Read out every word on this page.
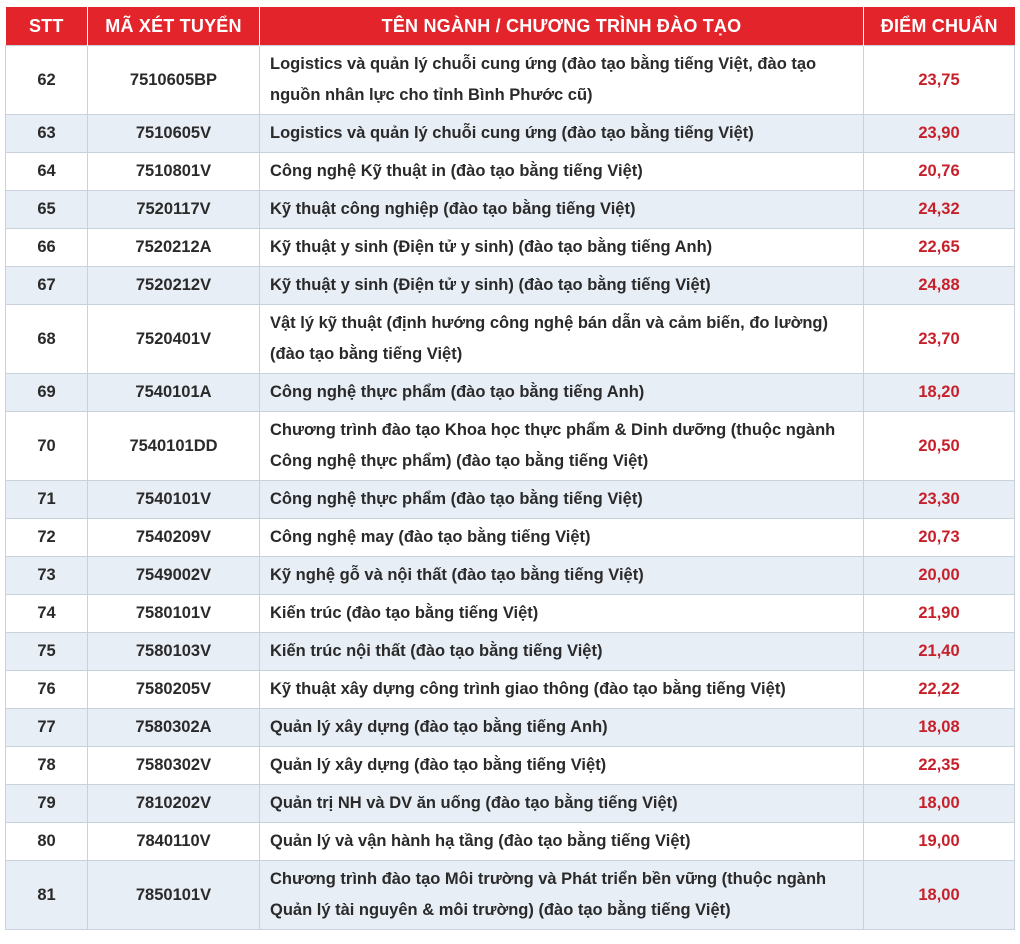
STT	MÃ XÉT TUYỂN	TÊN NGÀNH / CHƯƠNG TRÌNH ĐÀO TẠO	ĐIỂM CHUẨN
62	7510605BP	Logistics và quản lý chuỗi cung ứng (đào tạo bằng tiếng Việt, đào tạo nguồn nhân lực cho tỉnh Bình Phước cũ)	23,75
63	7510605V	Logistics và quản lý chuỗi cung ứng (đào tạo bằng tiếng Việt)	23,90
64	7510801V	Công nghệ Kỹ thuật in (đào tạo bằng tiếng Việt)	20,76
65	7520117V	Kỹ thuật công nghiệp (đào tạo bằng tiếng Việt)	24,32
66	7520212A	Kỹ thuật y sinh (Điện tử y sinh) (đào tạo bằng tiếng Anh)	22,65
67	7520212V	Kỹ thuật y sinh (Điện tử y sinh) (đào tạo bằng tiếng Việt)	24,88
68	7520401V	Vật lý kỹ thuật (định hướng công nghệ bán dẫn và cảm biến, đo lường) (đào tạo bằng tiếng Việt)	23,70
69	7540101A	Công nghệ thực phẩm (đào tạo bằng tiếng Anh)	18,20
70	7540101DD	Chương trình đào tạo Khoa học thực phẩm & Dinh dưỡng (thuộc ngành Công nghệ thực phẩm) (đào tạo bằng tiếng Việt)	20,50
71	7540101V	Công nghệ thực phẩm (đào tạo bằng tiếng Việt)	23,30
72	7540209V	Công nghệ may (đào tạo bằng tiếng Việt)	20,73
73	7549002V	Kỹ nghệ gỗ và nội thất (đào tạo bằng tiếng Việt)	20,00
74	7580101V	Kiến trúc (đào tạo bằng tiếng Việt)	21,90
75	7580103V	Kiến trúc nội thất (đào tạo bằng tiếng Việt)	21,40
76	7580205V	Kỹ thuật xây dựng công trình giao thông (đào tạo bằng tiếng Việt)	22,22
77	7580302A	Quản lý xây dựng (đào tạo bằng tiếng Anh)	18,08
78	7580302V	Quản lý xây dựng (đào tạo bằng tiếng Việt)	22,35
79	7810202V	Quản trị NH và DV ăn uống (đào tạo bằng tiếng Việt)	18,00
80	7840110V	Quản lý và vận hành hạ tầng (đào tạo bằng tiếng Việt)	19,00
81	7850101V	Chương trình đào tạo Môi trường và Phát triển bền vững (thuộc ngành Quản lý tài nguyên & môi trường) (đào tạo bằng tiếng Việt)	18,00
